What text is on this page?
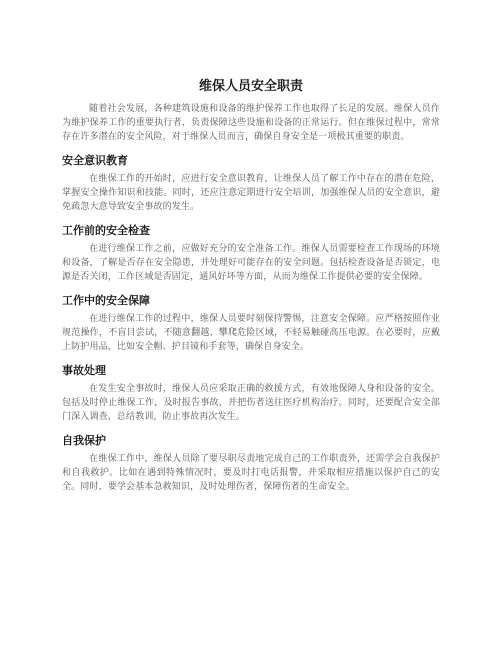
维保人员安全职责

随着社会发展，各种建筑设施和设备的维护保养工作也取得了长足的发展。维保人员作为维护保养工作的重要执行者，负责保障这些设施和设备的正常运行。但在维保过程中，常常存在许多潜在的安全风险，对于维保人员而言，确保自身安全是一项极其重要的职责。

安全意识教育

在维保工作的开始时，应进行安全意识教育，让维保人员了解工作中存在的潜在危险，掌握安全操作知识和技能。同时，还应注意定期进行安全培训，加强维保人员的安全意识，避免疏忽大意导致安全事故的发生。

工作前的安全检查

在进行维保工作之前，应做好充分的安全准备工作。维保人员需要检查工作现场的环境和设备，了解是否存在安全隐患，并处理好可能存在的安全问题。包括检查设备是否锁定，电源是否关闭，工作区域是否固定，通风好坏等方面，从而为维保工作提供必要的安全保障。

工作中的安全保障

在进行维保工作的过程中，维保人员要时刻保持警惕，注意安全保障。应严格按照作业规范操作，不盲目尝试，不随意翻越、攀爬危险区域，不轻易触碰高压电源。在必要时，应戴上防护用品，比如安全帽、护目镜和手套等，确保自身安全。

事故处理

在发生安全事故时，维保人员应采取正确的救援方式，有效地保障人身和设备的安全。包括及时停止维保工作，及时报告事故，并把伤者送往医疗机构治疗。同时，还要配合安全部门深入调查，总结教训，防止事故再次发生。

自我保护

在维保工作中，维保人员除了要尽职尽责地完成自己的工作职责外，还需学会自我保护和自我救护。比如在遇到特殊情况时，要及时打电话报警，并采取相应措施以保护自己的安全。同时，要学会基本急救知识，及时处理伤者，保障伤者的生命安全。
